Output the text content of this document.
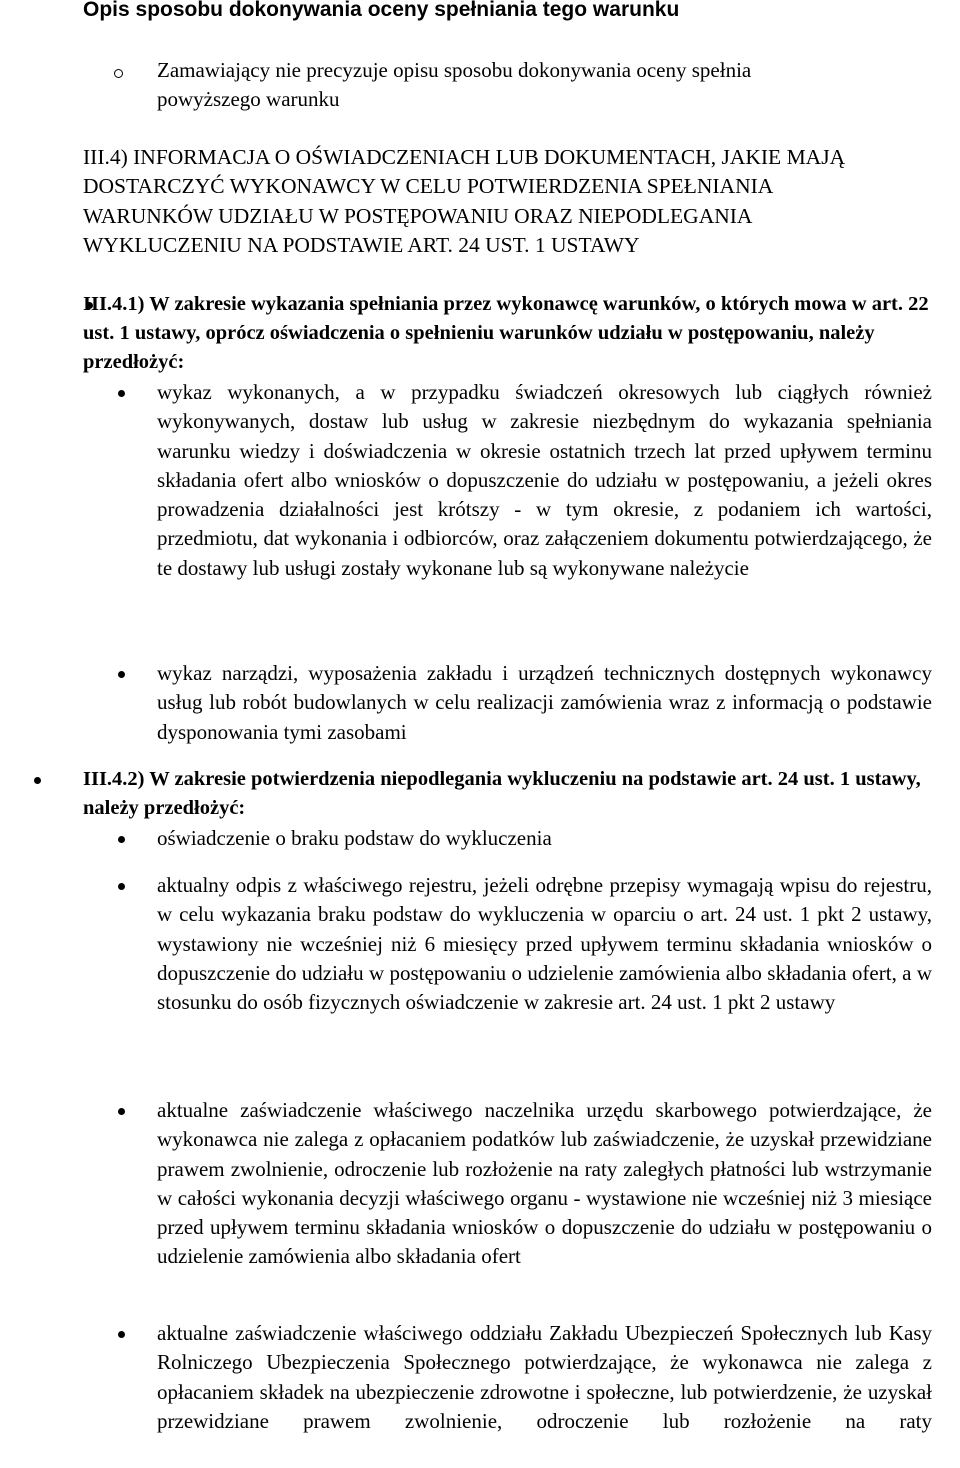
Opis sposobu dokonywania oceny spełniania tego warunku
Zamawiający nie precyzuje opisu sposobu dokonywania oceny spełnia
powyższego warunku
III.4) INFORMACJA O OŚWIADCZENIACH LUB DOKUMENTACH, JAKIE MAJĄ
DOSTARCZYĆ WYKONAWCY W CELU POTWIERDZENIA SPEŁNIANIA
WARUNKÓW UDZIAŁU W POSTĘPOWANIU ORAZ NIEPODLEGANIA
WYKLUCZENIU NA PODSTAWIE ART. 24 UST. 1 USTAWY
III.4.1) W zakresie wykazania spełniania przez wykonawcę warunków, o których mowa w art. 22 ust. 1 ustawy, oprócz oświadczenia o spełnieniu warunków udziału w postępowaniu, należy przedłożyć:
wykaz wykonanych, a w przypadku świadczeń okresowych lub ciągłych również wykonywanych, dostaw lub usług w zakresie niezbędnym do wykazania spełniania warunku wiedzy i doświadczenia w okresie ostatnich trzech lat przed upływem terminu składania ofert albo wniosków o dopuszczenie do udziału w postępowaniu, a jeżeli okres prowadzenia działalności jest krótszy - w tym okresie, z podaniem ich wartości, przedmiotu, dat wykonania i odbiorców, oraz załączeniem dokumentu potwierdzającego, że te dostawy lub usługi zostały wykonane lub są wykonywane należycie
wykaz narządzi, wyposażenia zakładu i urządzeń technicznych dostępnych wykonawcy usług lub robót budowlanych w celu realizacji zamówienia wraz z informacją o podstawie dysponowania tymi zasobami
III.4.2) W zakresie potwierdzenia niepodlegania wykluczeniu na podstawie art. 24 ust. 1 ustawy, należy przedłożyć:
oświadczenie o braku podstaw do wykluczenia
aktualny odpis z właściwego rejestru, jeżeli odrębne przepisy wymagają wpisu do rejestru, w celu wykazania braku podstaw do wykluczenia w oparciu o art. 24 ust. 1 pkt 2 ustawy, wystawiony nie wcześniej niż 6 miesięcy przed upływem terminu składania wniosków o dopuszczenie do udziału w postępowaniu o udzielenie zamówienia albo składania ofert, a w stosunku do osób fizycznych oświadczenie w zakresie art. 24 ust. 1 pkt 2 ustawy
aktualne zaświadczenie właściwego naczelnika urzędu skarbowego potwierdzające, że wykonawca nie zalega z opłacaniem podatków lub zaświadczenie, że uzyskał przewidziane prawem zwolnienie, odroczenie lub rozłożenie na raty zaległych płatności lub wstrzymanie w całości wykonania decyzji właściwego organu - wystawione nie wcześniej niż 3 miesiące przed upływem terminu składania wniosków o dopuszczenie do udziału w postępowaniu o udzielenie zamówienia albo składania ofert
aktualne zaświadczenie właściwego oddziału Zakładu Ubezpieczeń Społecznych lub Kasy Rolniczego Ubezpieczenia Społecznego potwierdzające, że wykonawca nie zalega z opłacaniem składek na ubezpieczenie zdrowotne i społeczne, lub potwierdzenie, że uzyskał przewidziane prawem zwolnienie, odroczenie lub rozłożenie na raty
